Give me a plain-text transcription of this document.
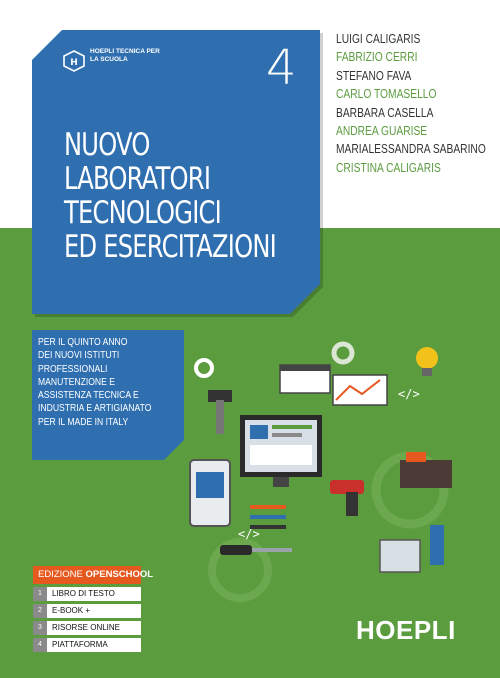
H
HOEPLI TECNICA PER LA SCUOLA	4
NUOVO
LABORATORI
TECNOLOGICI
ED ESERCITAZIONI
LUIGI CALIGARIS
FABRIZIO CERRI
STEFANO FAVA
CARLO TOMASELLO
BARBARA CASELLA
ANDREA GUARISE
MARIALESSANDRA SABARINO
CRISTINA CALIGARIS
PER IL QUINTO ANNO
DEI NUOVI ISTITUTI
PROFESSIONALI
MANUTENZIONE E
ASSISTENZA TECNICA E
INDUSTRIA E ARTIGIANATO
PER IL MADE IN ITALY
</>
</>
EDIZIONE OPENSCHOOL
1	LIBRO DI TESTO
2	E-BOOK +
3	RISORSE ONLINE
4	PIATTAFORMA	HOEPLI
